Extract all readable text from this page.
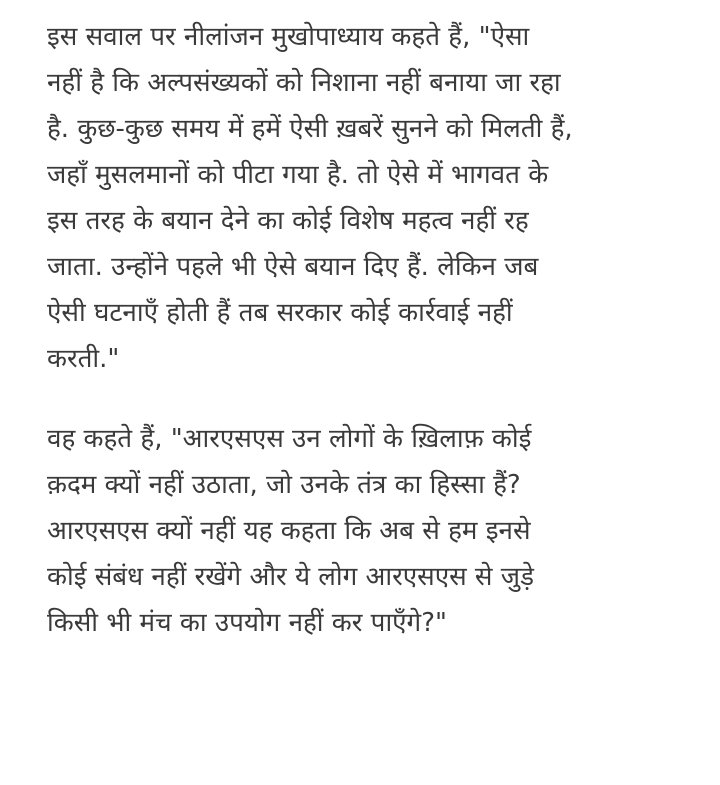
इस सवाल पर नीलांजन मुखोपाध्याय कहते हैं, "ऐसा
नहीं है कि अल्पसंख्यकों को निशाना नहीं बनाया जा रहा
है. कुछ-कुछ समय में हमें ऐसी ख़बरें सुनने को मिलती हैं,
जहाँ मुसलमानों को पीटा गया है. तो ऐसे में भागवत के
इस तरह के बयान देने का कोई विशेष महत्व नहीं रह
जाता. उन्होंने पहले भी ऐसे बयान दिए हैं. लेकिन जब
ऐसी घटनाएँ होती हैं तब सरकार कोई कार्रवाई नहीं
करती."

वह कहते हैं, "आरएसएस उन लोगों के ख़िलाफ़ कोई
क़दम क्यों नहीं उठाता, जो उनके तंत्र का हिस्सा हैं?
आरएसएस क्यों नहीं यह कहता कि अब से हम इनसे
कोई संबंध नहीं रखेंगे और ये लोग आरएसएस से जुड़े
किसी भी मंच का उपयोग नहीं कर पाएँगे?"
